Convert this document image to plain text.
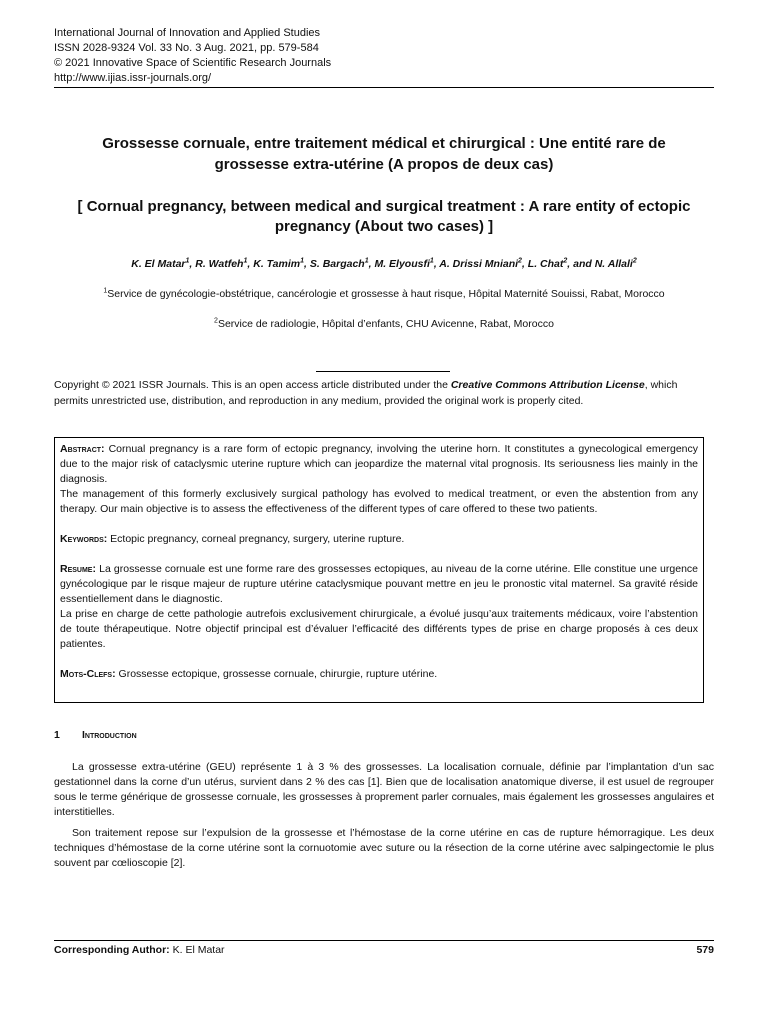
International Journal of Innovation and Applied Studies
ISSN 2028-9324 Vol. 33 No. 3 Aug. 2021, pp. 579-584
© 2021 Innovative Space of Scientific Research Journals
http://www.ijias.issr-journals.org/
Grossesse cornuale, entre traitement médical et chirurgical : Une entité rare de
grossesse extra-utérine (A propos de deux cas)
[ Cornual pregnancy, between medical and surgical treatment : A rare entity of ectopic
pregnancy (About two cases) ]
K. El Matar$^1$, R. Watfeh$^1$, K. Tamim$^1$, S. Bargach$^1$, M. Elyousfi$^1$, A. Drissi Mniani$^2$, L. Chat$^2$, and N. Allali$^2$
$^1$Service de gynécologie-obstétrique, cancérologie et grossesse à haut risque, Hôpital Maternité Souissi, Rabat, Morocco
$^2$Service de radiologie, Hôpital d’enfants, CHU Avicenne, Rabat, Morocco
Copyright © 2021 ISSR Journals. This is an open access article distributed under the Creative Commons Attribution License, which permits unrestricted use, distribution, and reproduction in any medium, provided the original work is properly cited.

Abstract: Cornual pregnancy is a rare form of ectopic pregnancy, involving the uterine horn. It constitutes a gynecological emergency due to the major risk of cataclysmic uterine rupture which can jeopardize the maternal vital prognosis. Its seriousness lies mainly in the diagnosis.

The management of this formerly exclusively surgical pathology has evolved to medical treatment, or even the abstention from any therapy. Our main objective is to assess the effectiveness of the different types of care offered to these two patients.

Keywords: Ectopic pregnancy, corneal pregnancy, surgery, uterine rupture.

Resume: La grossesse cornuale est une forme rare des grossesses ectopiques, au niveau de la corne utérine. Elle constitue une urgence gynécologique par le risque majeur de rupture utérine cataclysmique pouvant mettre en jeu le pronostic vital maternel. Sa gravité réside essentiellement dans le diagnostic.

La prise en charge de cette pathologie autrefois exclusivement chirurgicale, a évolué jusqu’aux traitements médicaux, voire l’abstention de toute thérapeutique. Notre objectif principal est d’évaluer l’efficacité des différents types de prise en charge proposés à ces deux patientes.

Mots-Clefs: Grossesse ectopique, grossesse cornuale, chirurgie, rupture utérine.

1 Introduction

La grossesse extra-utérine (GEU) représente 1 à 3 % des grossesses. La localisation cornuale, définie par l’implantation d’un sac gestationnel dans la corne d’un utérus, survient dans 2 % des cas [1]. Bien que de localisation anatomique diverse, il est usuel de regrouper sous le terme générique de grossesse cornuale, les grossesses à proprement parler cornuales, mais également les grossesses angulaires et interstitielles.

Son traitement repose sur l’expulsion de la grossesse et l’hémostase de la corne utérine en cas de rupture hémorragique. Les deux techniques d’hémostase de la corne utérine sont la cornuotomie avec suture ou la résection de la corne utérine avec salpingectomie le plus souvent par cœlioscopie [2].

Corresponding Author: K. El Matar	579
